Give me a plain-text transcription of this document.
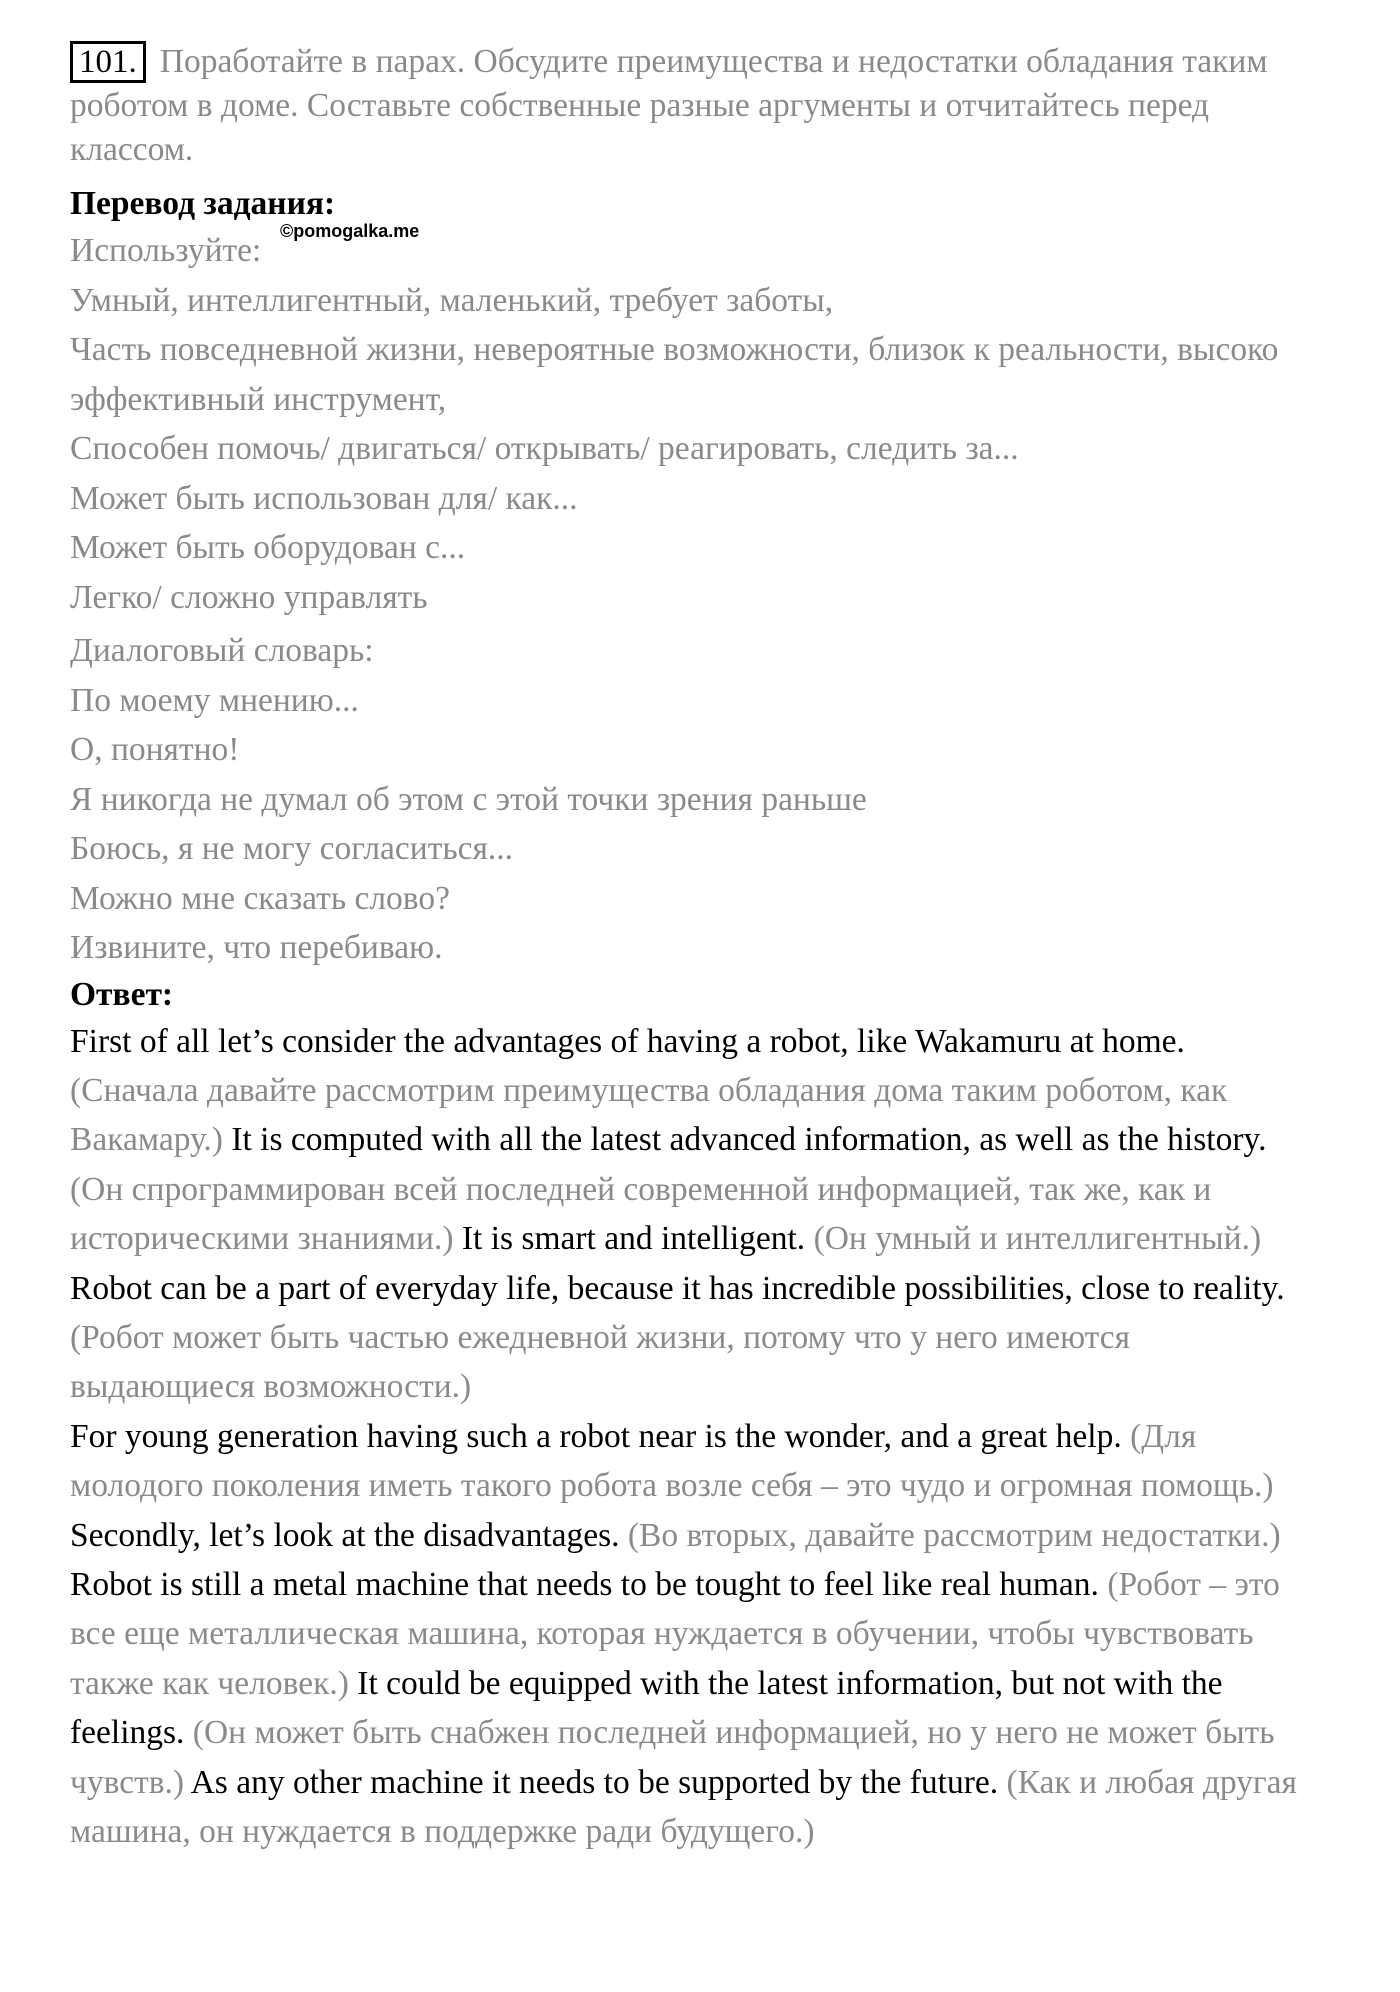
101. Поработайте в парах. Обсудите преимущества и недостатки обладания таким роботом в доме. Составьте собственные разные аргументы и отчитайтесь перед классом.

Перевод задания:

Используйте:
©pomogalka.me

Умный, интеллигентный, маленький, требует заботы,

Часть повседневной жизни, невероятные возможности, близок к реальности, высоко эффективный инструмент,

Способен помочь/ двигаться/ открывать/ реагировать, следить за...

Может быть использован для/ как...

Может быть оборудован с...

Легко/ сложно управлять

Диалоговый словарь:

По моему мнению...

О, понятно!

Я никогда не думал об этом с этой точки зрения раньше

Боюсь, я не могу согласиться...

Можно мне сказать слово?

Извините, что перебиваю.

Ответ:

First of all let’s consider the advantages of having a robot, like Wakamuru at home. (Сначала давайте рассмотрим преимущества обладания дома таким роботом, как Вакамару.) It is computed with all the latest advanced information, as well as the history. (Он спрограммирован всей последней современной информацией, так же, как и историческими знаниями.) It is smart and intelligent. (Он умный и интеллигентный.) Robot can be a part of everyday life, because it has incredible possibilities, close to reality. (Робот может быть частью ежедневной жизни, потому что у него имеются выдающиеся возможности.)

For young generation having such a robot near is the wonder, and a great help. (Для молодого поколения иметь такого робота возле себя – это чудо и огромная помощь.)

Secondly, let’s look at the disadvantages. (Во вторых, давайте рассмотрим недостатки.) Robot is still a metal machine that needs to be tought to feel like real human. (Робот – это все еще металлическая машина, которая нуждается в обучении, чтобы чувствовать также как человек.) It could be equipped with the latest information, but not with the feelings. (Он может быть снабжен последней информацией, но у него не может быть чувств.) As any other machine it needs to be supported by the future. (Как и любая другая машина, он нуждается в поддержке ради будущего.)
